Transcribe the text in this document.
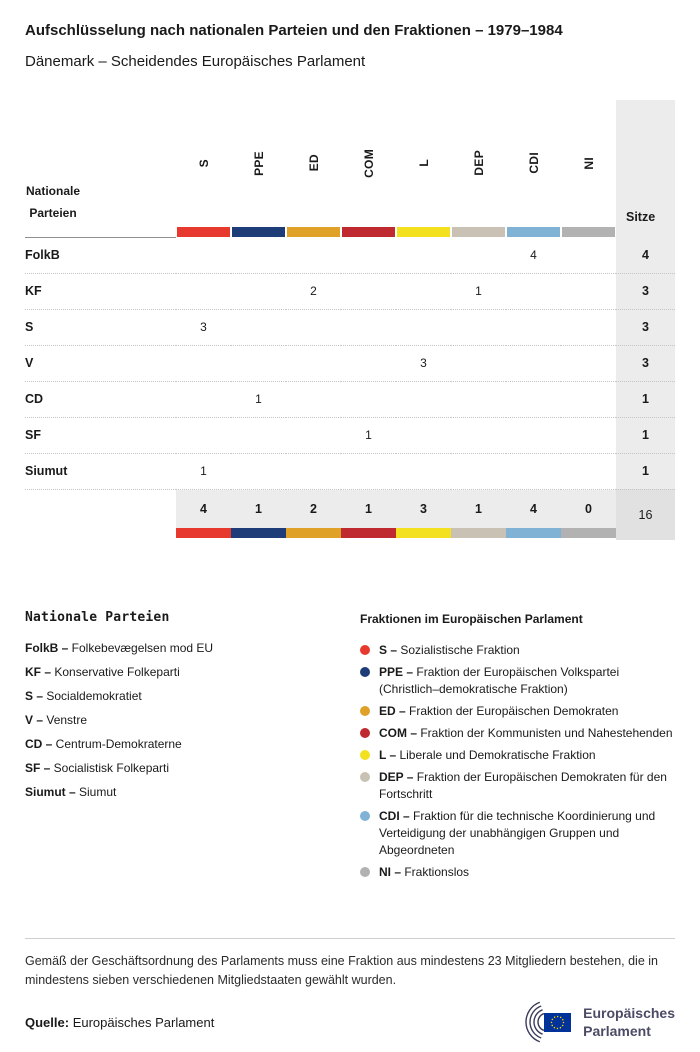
Aufschlüsselung nach nationalen Parteien und den Fraktionen – 1979–1984
Dänemark – Scheidendes Europäisches Parlament
Nationale Parteien	S	PPE	ED	COM	L	DEP	CDI	NI	Sitze

FolkB							4		4
KF			2			1			3
S	3								3
V					3				3
CD		1							1
SF				1					1
Siumut	1								1

4	1	2	1	3	1	4	0	16
Nationale Parteien
FolkB – Folkebevægelsen mod EU
KF – Konservative Folkeparti
S – Socialdemokratiet
V – Venstre
CD – Centrum-Demokraterne
SF – Socialistisk Folkeparti
Siumut – Siumut
Fraktionen im Europäischen Parlament
S – Sozialistische Fraktion
PPE – Fraktion der Europäischen Volkspartei (Christlich–demokratische Fraktion)
ED – Fraktion der Europäischen Demokraten
COM – Fraktion der Kommunisten und Nahestehenden
L – Liberale und Demokratische Fraktion
DEP – Fraktion der Europäischen Demokraten für den Fortschritt
CDI – Fraktion für die technische Koordinierung und Verteidigung der unabhängigen Gruppen und Abgeordneten
NI – Fraktionslos
Gemäß der Geschäftsordnung des Parlaments muss eine Fraktion aus mindestens 23 Mitgliedern bestehen, die in mindestens sieben verschiedenen Mitgliedstaaten gewählt wurden.
Quelle: Europäisches Parlament
Europäisches
Parlament
